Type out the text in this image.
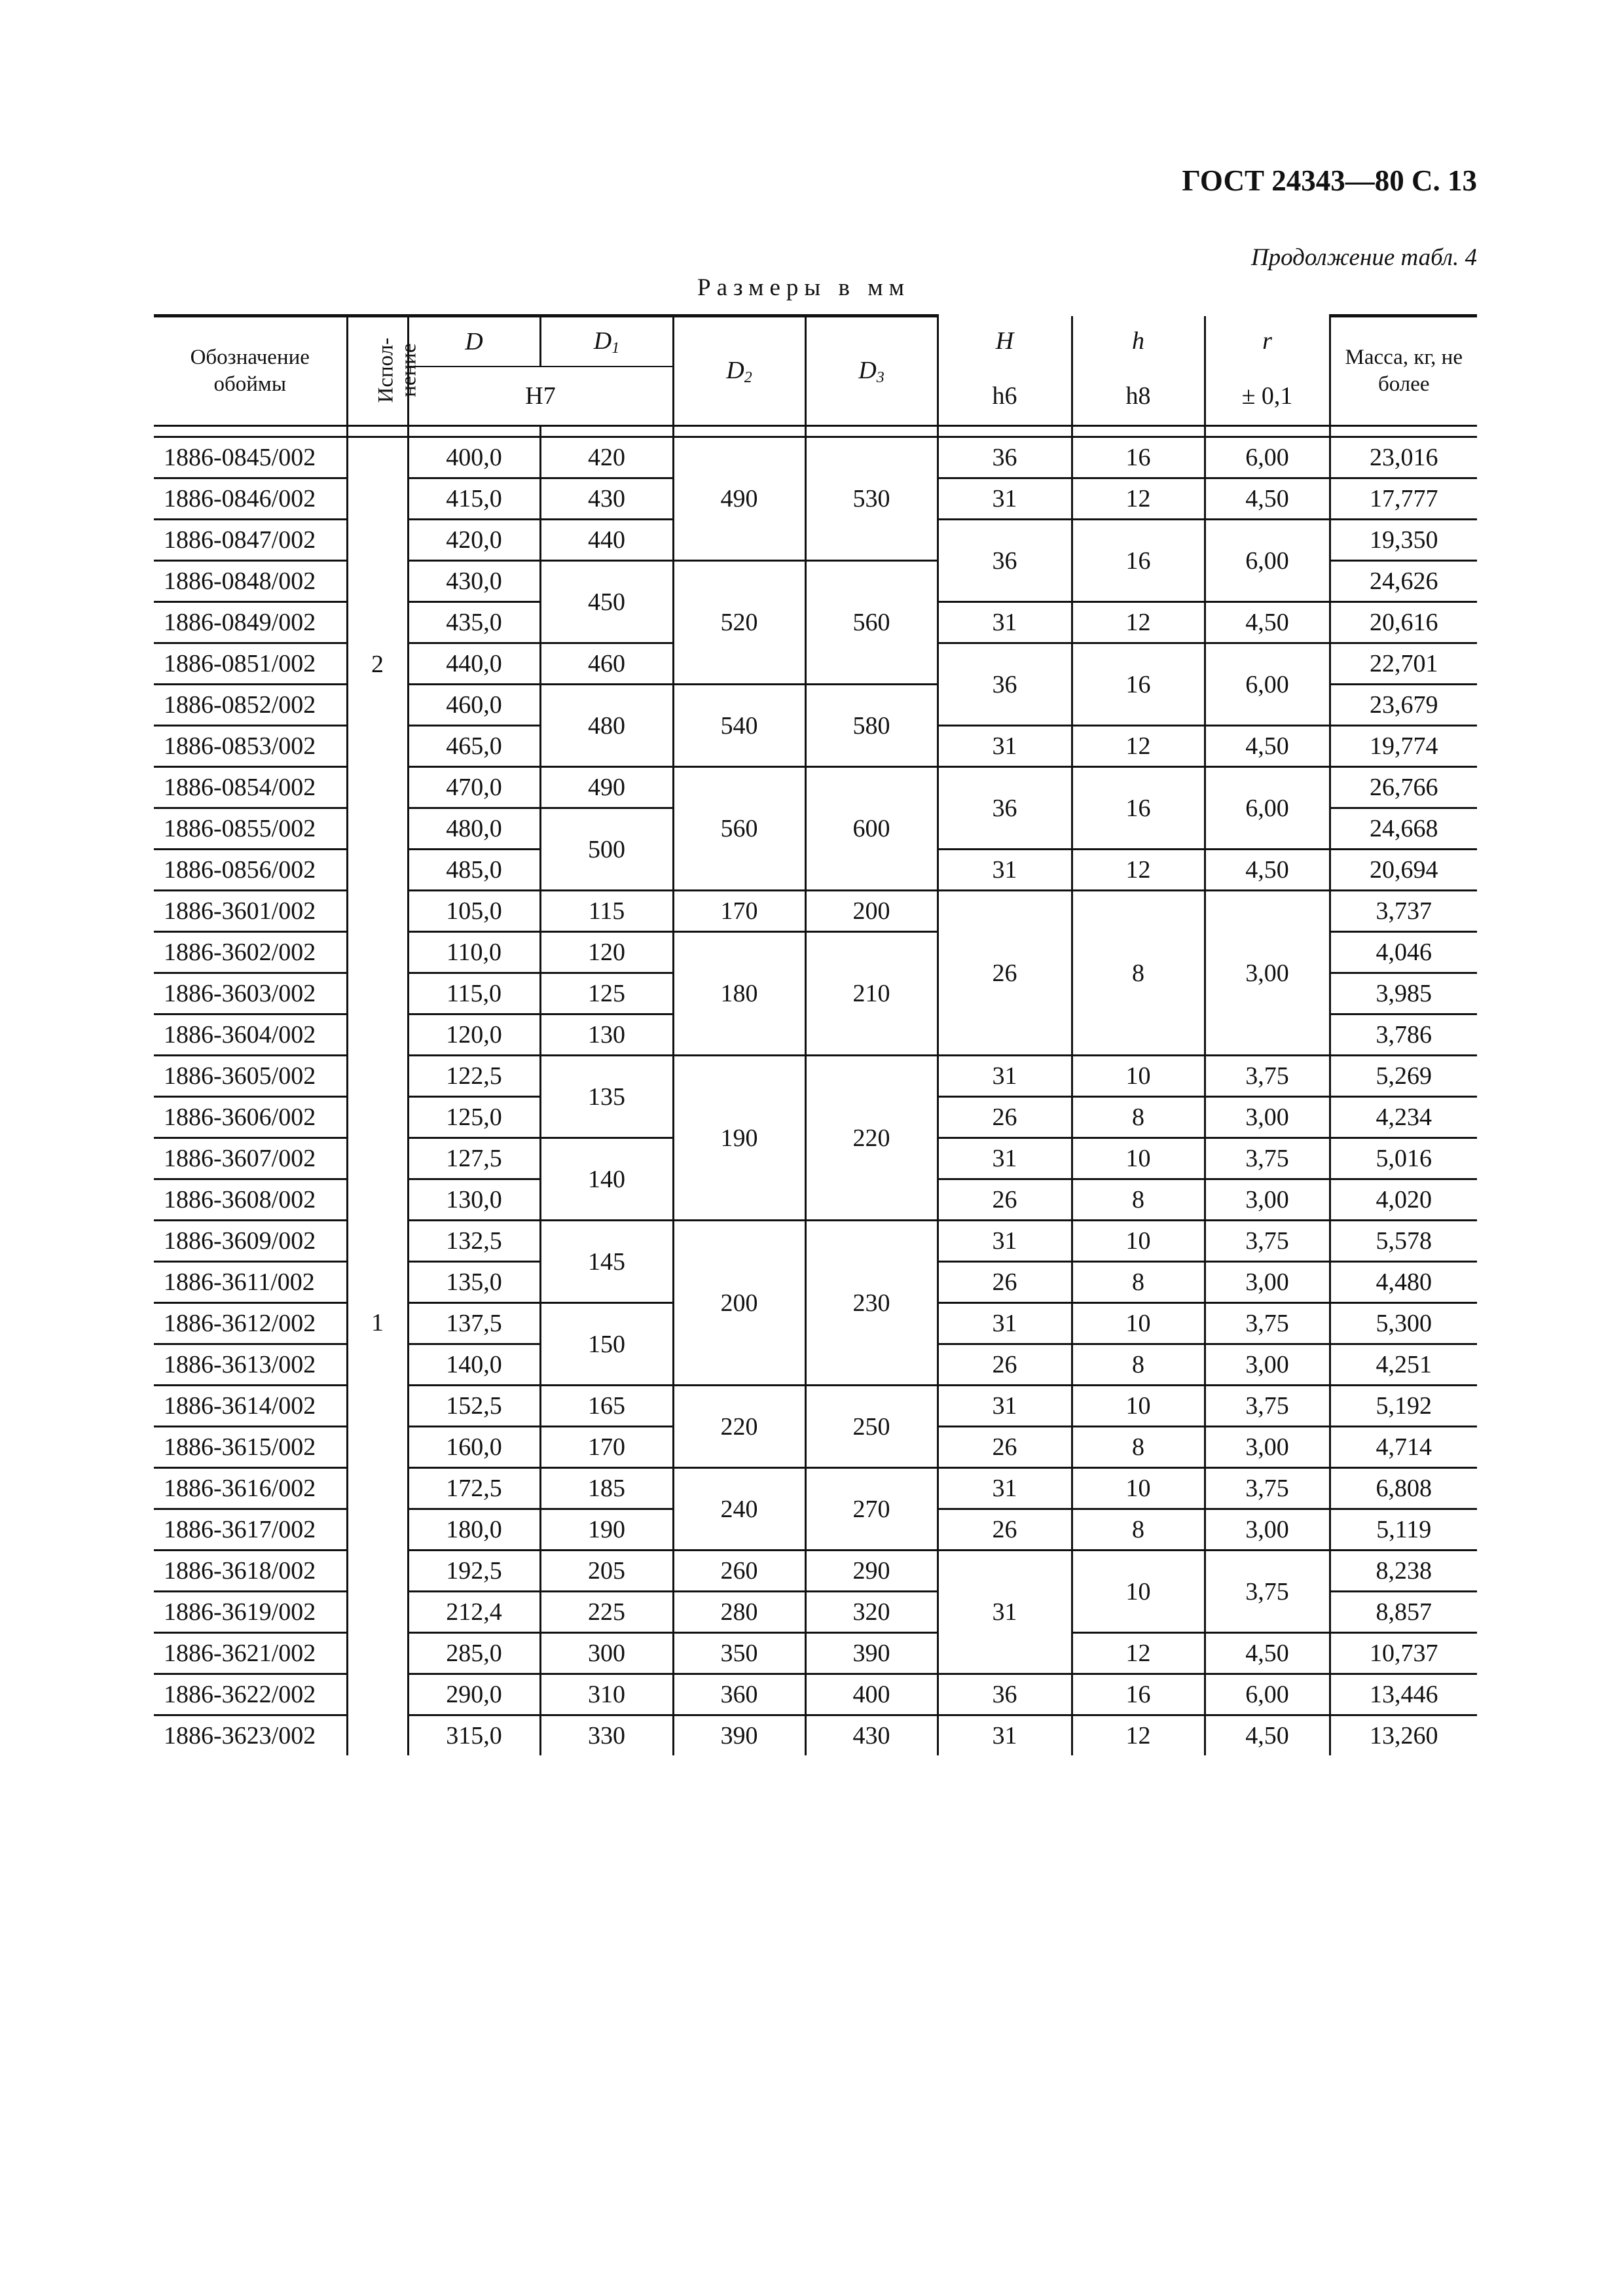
ГОСТ 24343—80 С. 13
Продолжение табл. 4
Размеры в мм
Обозначение обоймы	Испол- нение	D	$D_1$	$D_2$	$D_3$	H	h	r	Масса, кг, не более
		H7				h6	h8	± 0,1	

1886-0845/002	2	400,0	420	490	530	36	16	6,00	23,016
1886-0846/002		415,0	430			31	12	4,50	17,777
1886-0847/002		420,0	440			36	16	6,00	19,350
1886-0848/002		430,0	450	520	560				24,626
1886-0849/002		435,0				31	12	4,50	20,616
1886-0851/002		440,0	460			36	16	6,00	22,701
1886-0852/002		460,0	480	540	580				23,679
1886-0853/002		465,0				31	12	4,50	19,774
1886-0854/002		470,0	490	560	600	36	16	6,00	26,766
1886-0855/002		480,0	500						24,668
1886-0856/002		485,0				31	12	4,50	20,694
1886-3601/002	1	105,0	115	170	200	26	8	3,00	3,737
1886-3602/002		110,0	120	180	210				4,046
1886-3603/002		115,0	125						3,985
1886-3604/002		120,0	130						3,786
1886-3605/002		122,5	135	190	220	31	10	3,75	5,269
1886-3606/002		125,0				26	8	3,00	4,234
1886-3607/002		127,5	140			31	10	3,75	5,016
1886-3608/002		130,0				26	8	3,00	4,020
1886-3609/002		132,5	145	200	230	31	10	3,75	5,578
1886-3611/002		135,0				26	8	3,00	4,480
1886-3612/002		137,5	150			31	10	3,75	5,300
1886-3613/002		140,0				26	8	3,00	4,251
1886-3614/002		152,5	165	220	250	31	10	3,75	5,192
1886-3615/002		160,0	170			26	8	3,00	4,714
1886-3616/002		172,5	185	240	270	31	10	3,75	6,808
1886-3617/002		180,0	190			26	8	3,00	5,119
1886-3618/002		192,5	205	260	290	31	10	3,75	8,238
1886-3619/002		212,4	225	280	320				8,857
1886-3621/002		285,0	300	350	390		12	4,50	10,737
1886-3622/002		290,0	310	360	400	36	16	6,00	13,446
1886-3623/002		315,0	330	390	430	31	12	4,50	13,260
